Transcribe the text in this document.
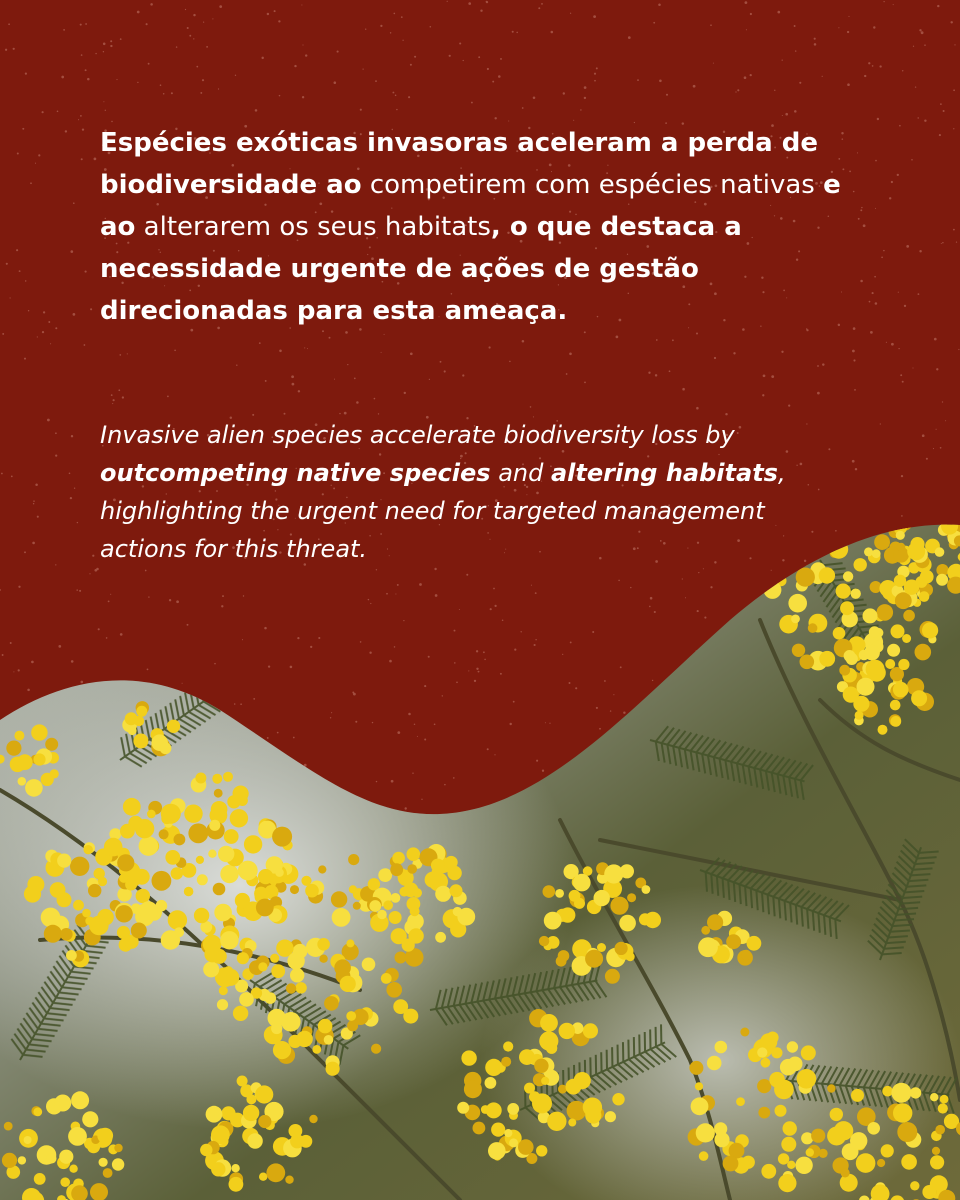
Espécies exóticas invasoras aceleram a perda de biodiversidade ao competirem com espécies nativas e ao alterarem os seus habitats, o que destaca a necessidade urgente de ações de gestão direcionadas para esta ameaça.
Invasive alien species accelerate biodiversity loss by outcompeting native species and altering habitats, highlighting the urgent need for targeted management actions for this threat.
